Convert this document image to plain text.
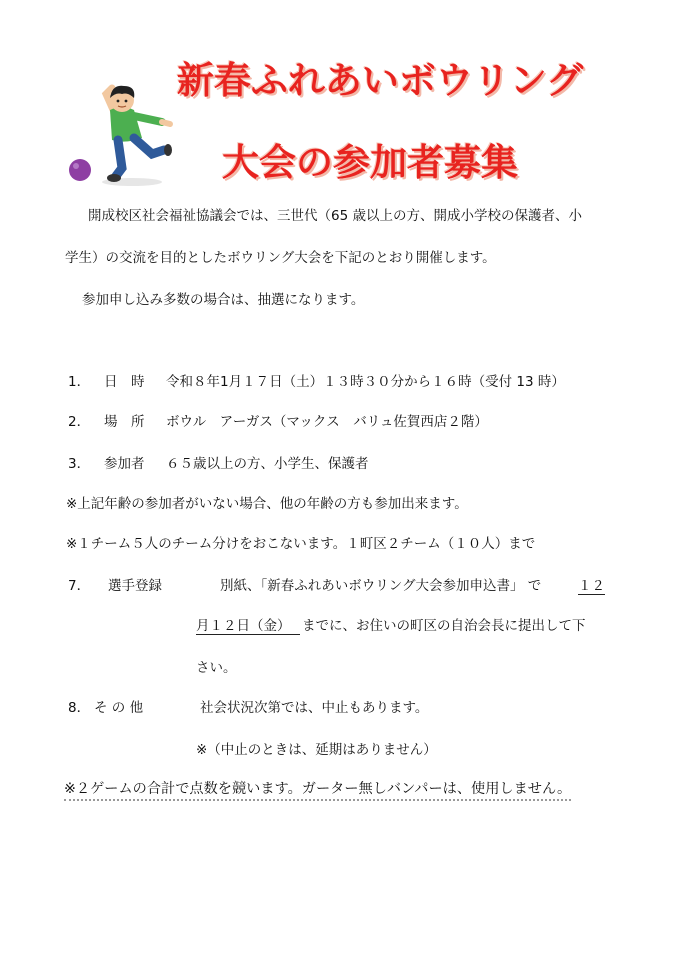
新春ふれあいボウリング
大会の参加者募集
開成校区社会福祉協議会では、三世代（65 歳以上の方、開成小学校の保護者、小
学生）の交流を目的としたボウリング大会を下記のとおり開催します。
参加申し込み多数の場合は、抽選になります。
1． 日　時 令和８年1月１７日（土）１３時３０分から１６時（受付 13 時）
2． 場　所 ボウル　アーガス（マックス　バリュ佐賀西店２階）
3． 参加者 ６５歳以上の方、小学生、保護者
※上記年齢の参加者がいない場合、他の年齢の方も参加出来ます。
※１チーム５人のチーム分けをおこないます。１町区２チーム（１０人）まで
7． 選手登録	別紙、「新春ふれあいボウリング大会参加申込書」 で	１２
月１２日（金） までに、お住いの町区の自治会長に提出して下
さい。
8． そ の 他	社会状況次第では、中止もあります。
※（中止のときは、延期はありません）
※２ゲームの合計で点数を競います。ガーター無しバンパーは、使用しません。
